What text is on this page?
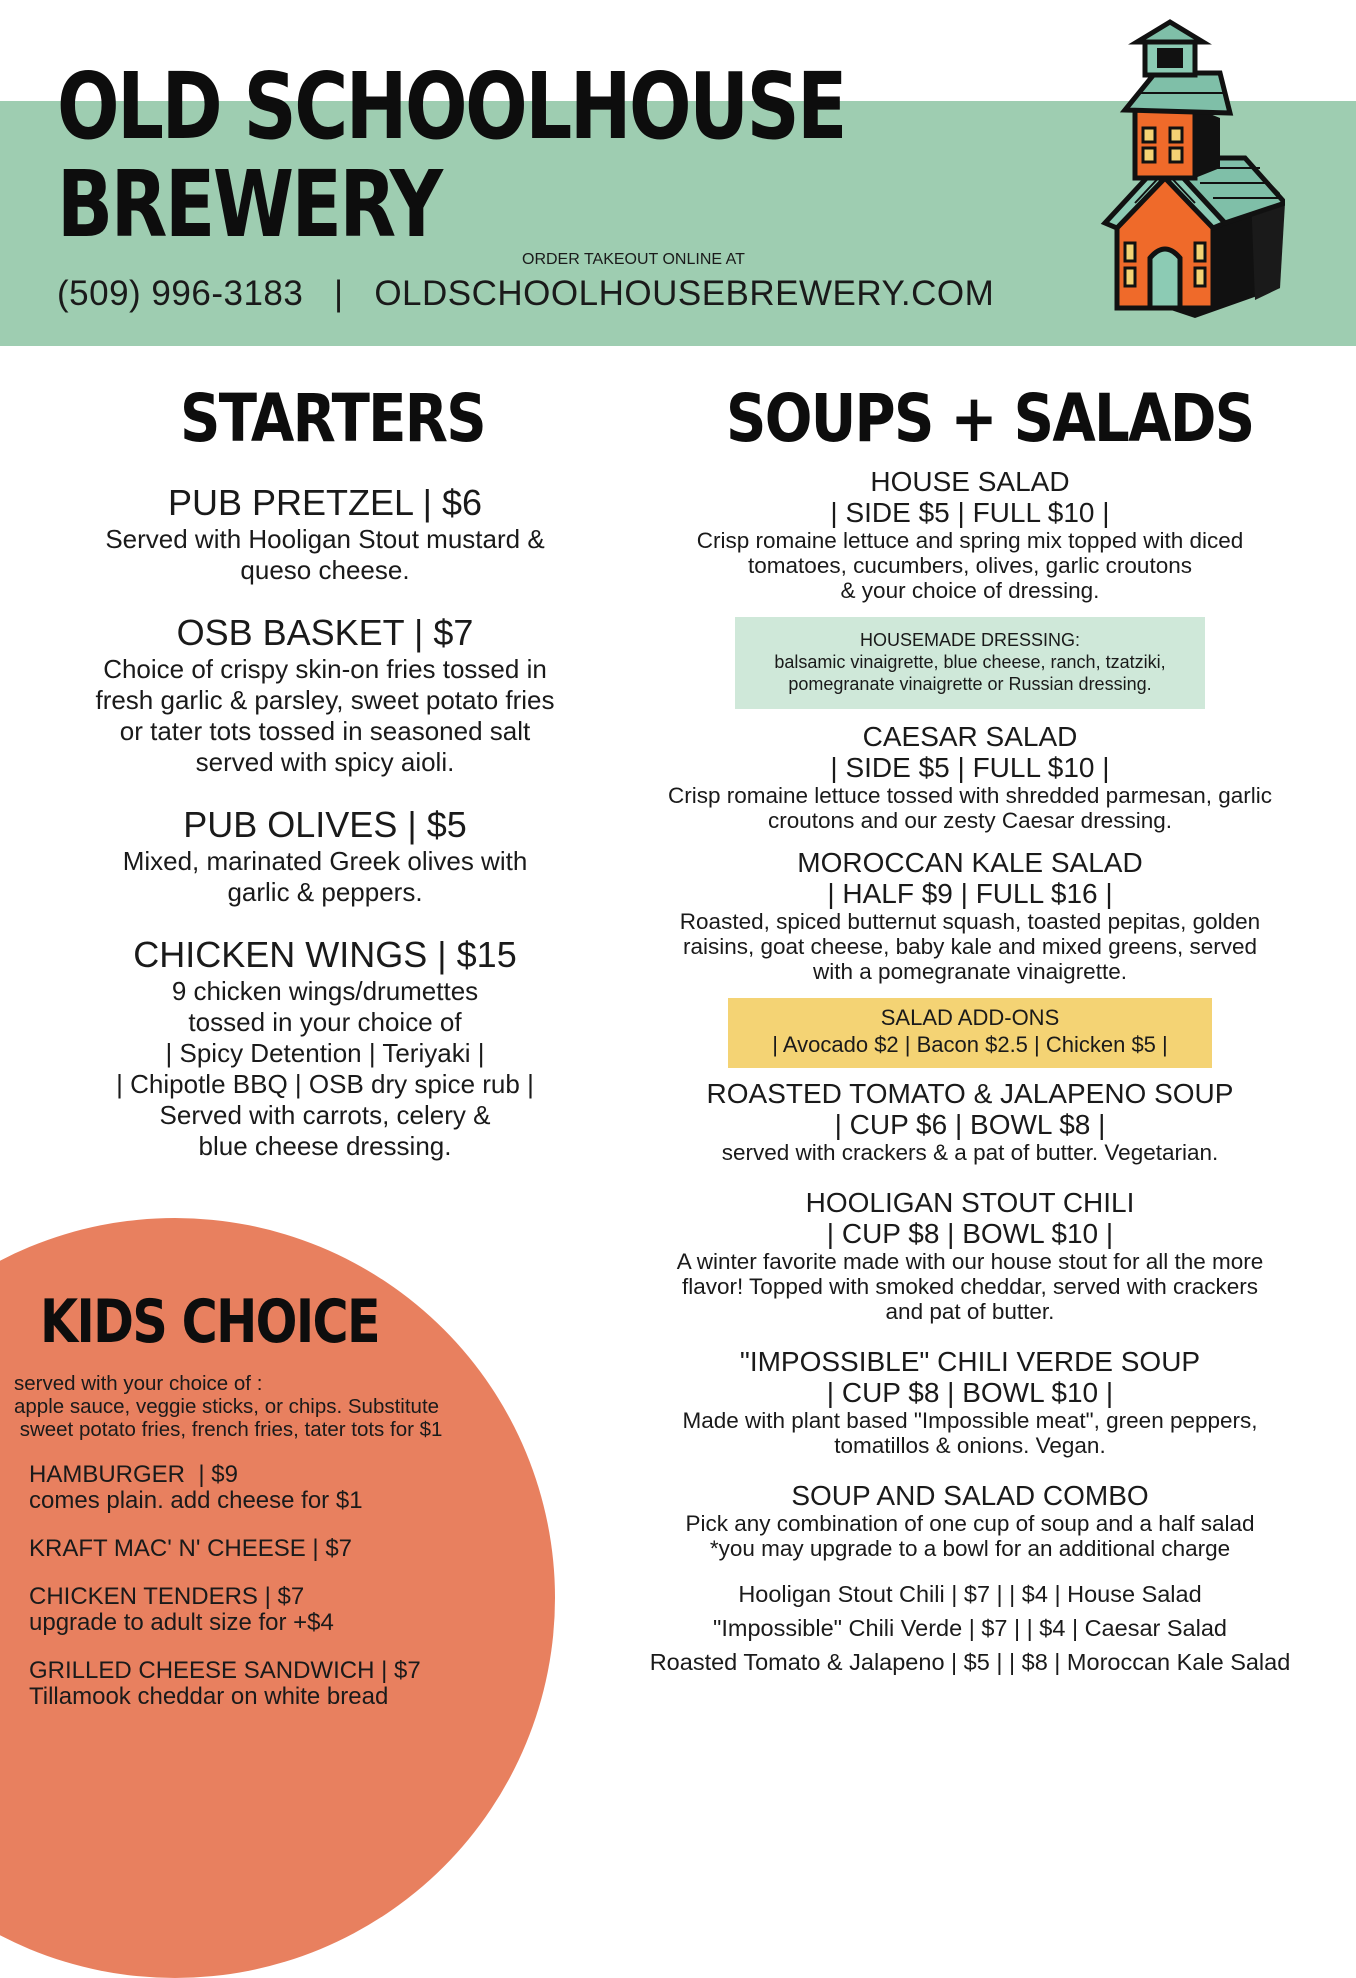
OLD SCHOOLHOUSE
BREWERY
ORDER TAKEOUT ONLINE AT
(509) 996-3183 | OLDSCHOOLHOUSEBREWERY.COM
STARTERS	SOUPS + SALADS
PUB PRETZEL | $6
Served with Hooligan Stout mustard &
queso cheese.
OSB BASKET | $7
Choice of crispy skin-on fries tossed in
fresh garlic & parsley, sweet potato fries
or tater tots tossed in seasoned salt
served with spicy aioli.
PUB OLIVES | $5
Mixed, marinated Greek olives with
garlic & peppers.
CHICKEN WINGS | $15
9 chicken wings/drumettes
tossed in your choice of
| Spicy Detention | Teriyaki |
| Chipotle BBQ | OSB dry spice rub |
Served with carrots, celery &
blue cheese dressing.
HOUSE SALAD
| SIDE $5 | FULL $10 |
Crisp romaine lettuce and spring mix topped with diced
tomatoes, cucumbers, olives, garlic croutons
& your choice of dressing.
HOUSEMADE DRESSING:
balsamic vinaigrette, blue cheese, ranch, tzatziki,
pomegranate vinaigrette or Russian dressing.
CAESAR SALAD
| SIDE $5 | FULL $10 |
Crisp romaine lettuce tossed with shredded parmesan, garlic
croutons and our zesty Caesar dressing.
MOROCCAN KALE SALAD
| HALF $9 | FULL $16 |
Roasted, spiced butternut squash, toasted pepitas, golden
raisins, goat cheese, baby kale and mixed greens, served
with a pomegranate vinaigrette.
SALAD ADD-ONS
| Avocado $2 | Bacon $2.5 | Chicken $5 |
ROASTED TOMATO & JALAPENO SOUP
| CUP $6 | BOWL $8 |
served with crackers & a pat of butter. Vegetarian.
HOOLIGAN STOUT CHILI
| CUP $8 | BOWL $10 |
A winter favorite made with our house stout for all the more
flavor! Topped with smoked cheddar, served with crackers
and pat of butter.
"IMPOSSIBLE" CHILI VERDE SOUP
| CUP $8 | BOWL $10 |
Made with plant based "Impossible meat", green peppers,
tomatillos & onions. Vegan.
SOUP AND SALAD COMBO
Pick any combination of one cup of soup and a half salad
*you may upgrade to a bowl for an additional charge
Hooligan Stout Chili | $7 | | $4 | House Salad
"Impossible" Chili Verde | $7 | | $4 | Caesar Salad
Roasted Tomato & Jalapeno | $5 | | $8 | Moroccan Kale Salad
KIDS CHOICE
served with your choice of :
apple sauce, veggie sticks, or chips. Substitute
sweet potato fries, french fries, tater tots for $1
HAMBURGER  | $9
comes plain. add cheese for $1
KRAFT MAC' N' CHEESE | $7
CHICKEN TENDERS | $7
upgrade to adult size for +$4
GRILLED CHEESE SANDWICH | $7
Tillamook cheddar on white bread
